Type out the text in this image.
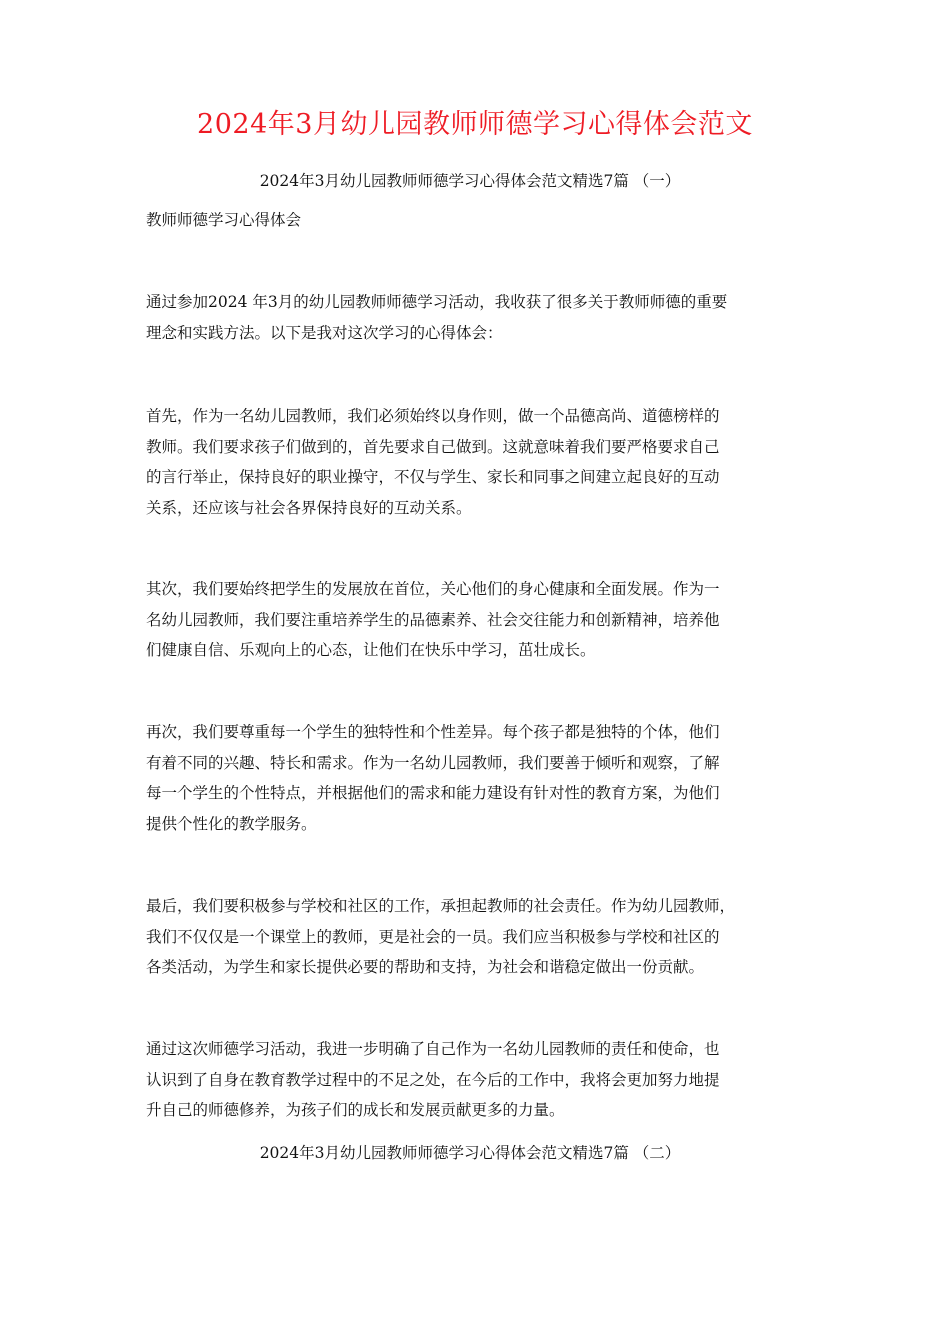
2024年3月幼儿园教师师德学习心得体会范文
2024年3月幼儿园教师师德学习心得体会范文精选7篇 （一）
教师师德学习心得体会
通过参加2024 年3月的幼儿园教师师德学习活动，我收获了很多关于教师师德的重要
理念和实践方法。以下是我对这次学习的心得体会：
首先，作为一名幼儿园教师，我们必须始终以身作则，做一个品德高尚、道德榜样的
教师。我们要求孩子们做到的，首先要求自己做到。这就意味着我们要严格要求自己
的言行举止，保持良好的职业操守，不仅与学生、家长和同事之间建立起良好的互动
关系，还应该与社会各界保持良好的互动关系。
其次，我们要始终把学生的发展放在首位，关心他们的身心健康和全面发展。作为一
名幼儿园教师，我们要注重培养学生的品德素养、社会交往能力和创新精神，培养他
们健康自信、乐观向上的心态，让他们在快乐中学习，茁壮成长。
再次，我们要尊重每一个学生的独特性和个性差异。每个孩子都是独特的个体，他们
有着不同的兴趣、特长和需求。作为一名幼儿园教师，我们要善于倾听和观察，了解
每一个学生的个性特点，并根据他们的需求和能力建设有针对性的教育方案，为他们
提供个性化的教学服务。
最后，我们要积极参与学校和社区的工作，承担起教师的社会责任。作为幼儿园教师，
我们不仅仅是一个课堂上的教师，更是社会的一员。我们应当积极参与学校和社区的
各类活动，为学生和家长提供必要的帮助和支持，为社会和谐稳定做出一份贡献。
通过这次师德学习活动，我进一步明确了自己作为一名幼儿园教师的责任和使命，也
认识到了自身在教育教学过程中的不足之处，在今后的工作中，我将会更加努力地提
升自己的师德修养，为孩子们的成长和发展贡献更多的力量。
2024年3月幼儿园教师师德学习心得体会范文精选7篇 （二）
